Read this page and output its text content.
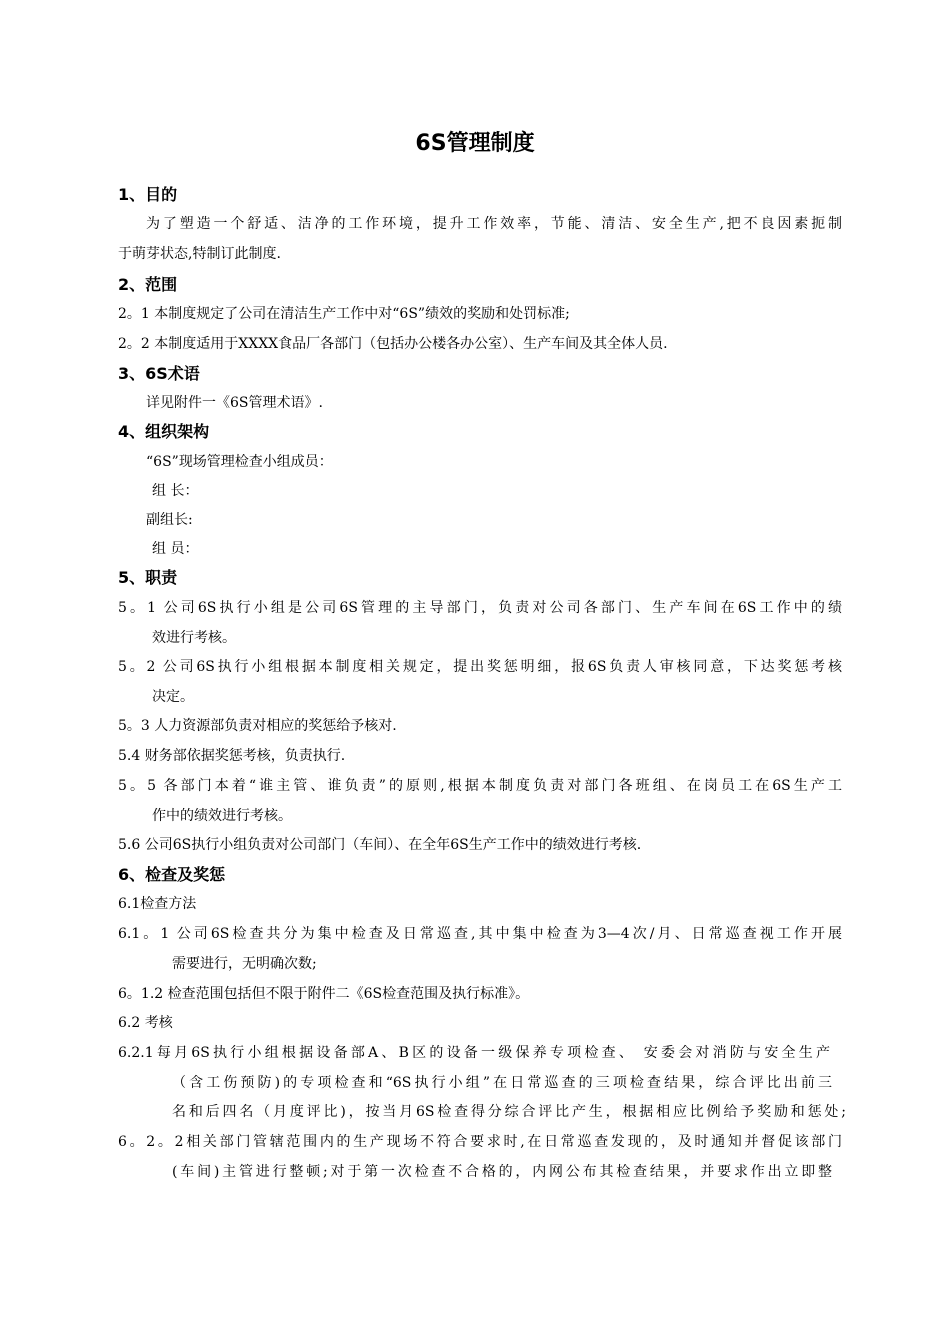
6S管理制度
1、目的
为了塑造一个舒适、洁净的工作环境，提升工作效率，节能、清洁、安全生产,把不良因素扼制
于萌芽状态,特制订此制度.
2、范围
2。1 本制度规定了公司在清洁生产工作中对“6S”绩效的奖励和处罚标准;
2。2 本制度适用于XXXX食品厂各部门（包括办公楼各办公室）、生产车间及其全体人员.
3、6S术语
详见附件一《6S管理术语》.
4、组织架构
“6S”现场管理检查小组成员：
组 长：
副组长:
组 员：
5、职责
5。1 公司6S执行小组是公司6S管理的主导部门，负责对公司各部门、生产车间在6S工作中的绩
效进行考核。
5。2 公司6S执行小组根据本制度相关规定，提出奖惩明细，报6S负责人审核同意，下达奖惩考核
决定。
5。3 人力资源部负责对相应的奖惩给予核对.
5.4 财务部依据奖惩考核，负责执行.
5。5 各部门本着“谁主管、谁负责”的原则,根据本制度负责对部门各班组、在岗员工在6S生产工
作中的绩效进行考核。
5.6 公司6S执行小组负责对公司部门（车间）、在全年6S生产工作中的绩效进行考核.
6、检查及奖惩
6.1检查方法
6.1。1 公司6S检查共分为集中检查及日常巡查,其中集中检查为3—4次/月、日常巡查视工作开展
需要进行，无明确次数;
6。1.2 检查范围包括但不限于附件二《6S检查范围及执行标准》。
6.2 考核
6.2.1每月6S执行小组根据设备部A、B区的设备一级保养专项检查、 安委会对消防与安全生产
（含工伤预防)的专项检查和“6S执行小组”在日常巡查的三项检查结果，综合评比出前三
名和后四名（月度评比)，按当月6S检查得分综合评比产生，根据相应比例给予奖励和惩处;
6。2。2相关部门管辖范围内的生产现场不符合要求时,在日常巡查发现的，及时通知并督促该部门
(车间)主管进行整顿;对于第一次检查不合格的，内网公布其检查结果，并要求作出立即整
